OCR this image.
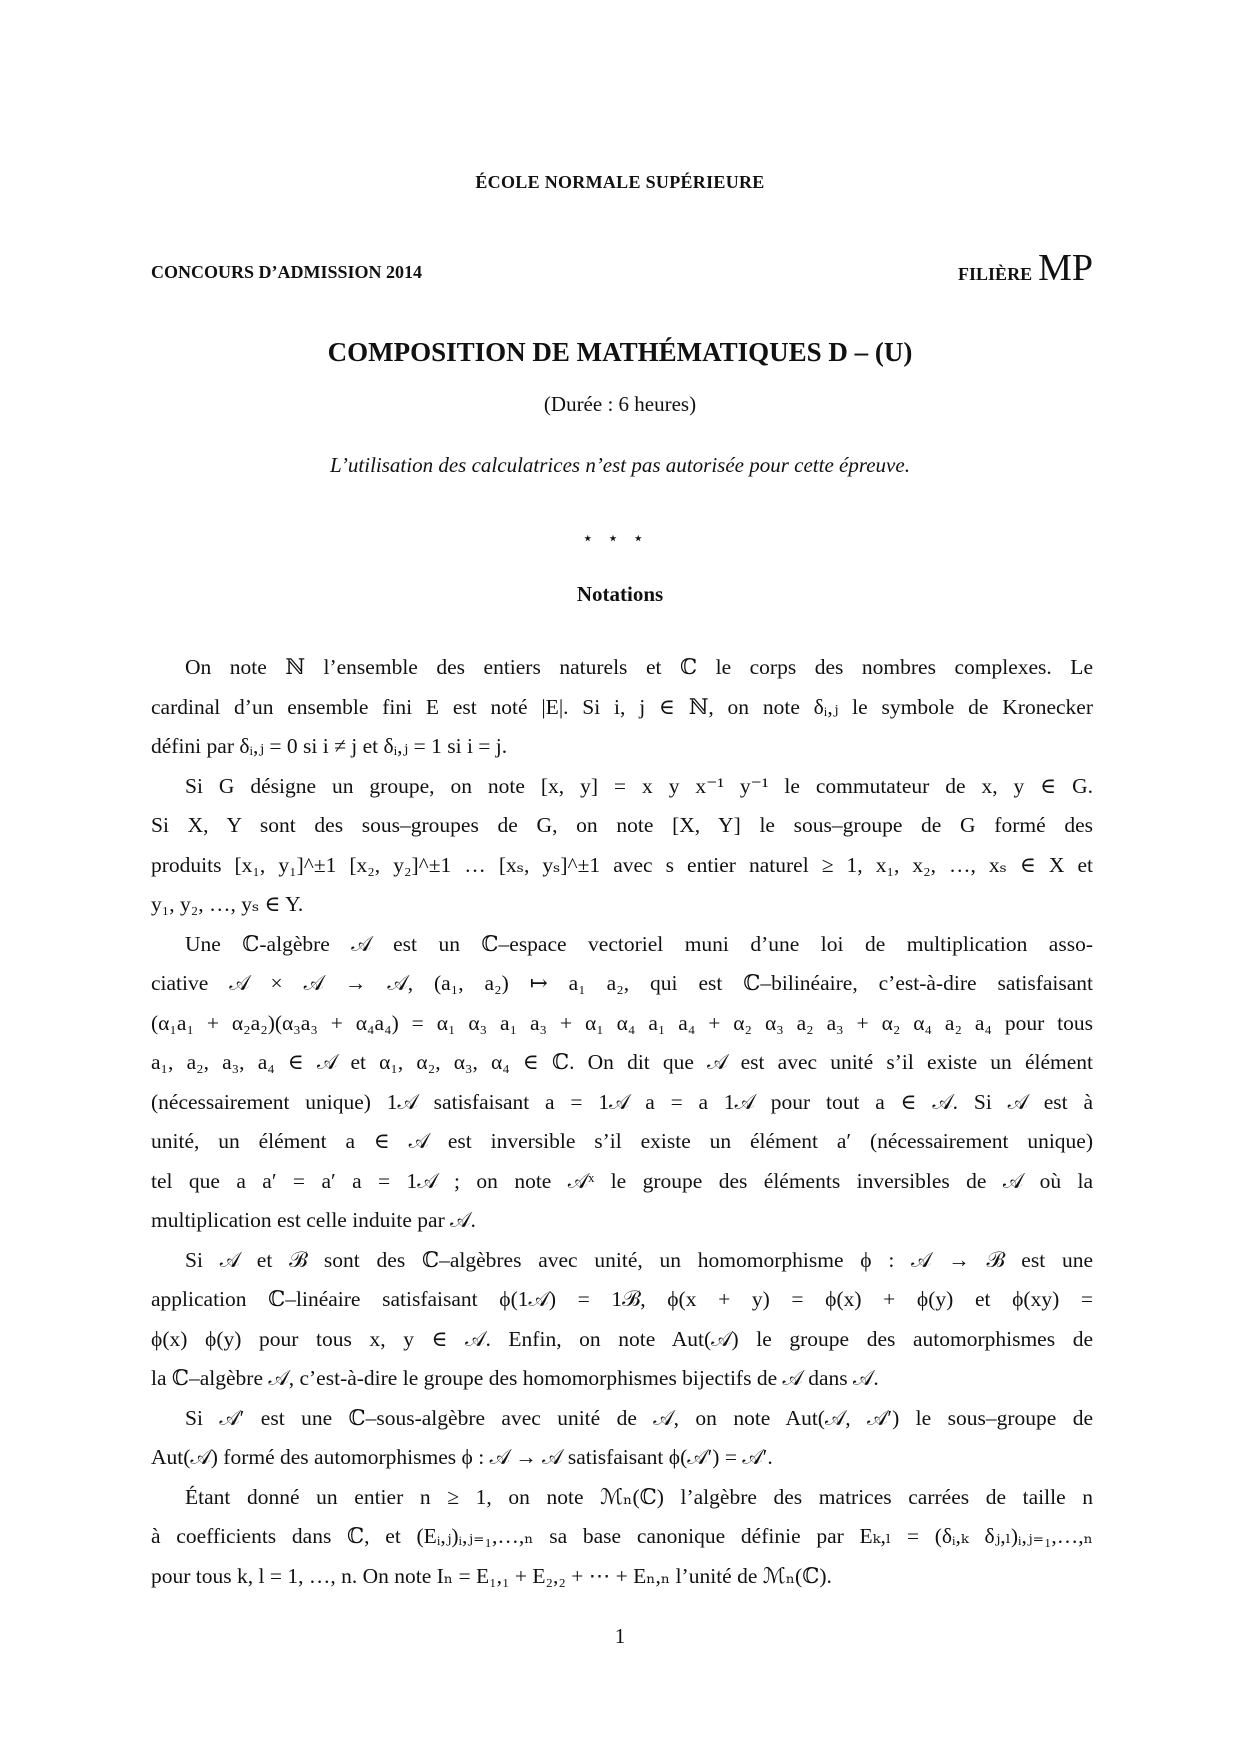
ÉCOLE NORMALE SUPÉRIEURE
CONCOURS D’ADMISSION 2014	FILIÈRE MP
COMPOSITION DE MATHÉMATIQUES D – (U)
(Durée : 6 heures)
L’utilisation des calculatrices n’est pas autorisée pour cette épreuve.
⋆⋆⋆
Notations
On note ℕ l’ensemble des entiers naturels et ℂ le corps des nombres complexes. Le
cardinal d’un ensemble fini E est noté |E|. Si i, j ∈ ℕ, on note δᵢ,ⱼ le symbole de Kronecker
défini par δᵢ,ⱼ = 0 si i ≠ j et δᵢ,ⱼ = 1 si i = j.
Si G désigne un groupe, on note [x, y] = x y x⁻¹ y⁻¹ le commutateur de x, y ∈ G.
Si X, Y sont des sous–groupes de G, on note [X, Y] le sous–groupe de G formé des
produits [x₁, y₁]^±1 [x₂, y₂]^±1 … [xₛ, yₛ]^±1 avec s entier naturel ≥ 1, x₁, x₂, …, xₛ ∈ X et
y₁, y₂, …, yₛ ∈ Y.
Une ℂ-algèbre 𝒜 est un ℂ–espace vectoriel muni d’une loi de multiplication asso-
ciative 𝒜 × 𝒜 → 𝒜, (a₁, a₂) ↦ a₁ a₂, qui est ℂ–bilinéaire, c’est-à-dire satisfaisant
(α₁a₁ + α₂a₂)(α₃a₃ + α₄a₄) = α₁ α₃ a₁ a₃ + α₁ α₄ a₁ a₄ + α₂ α₃ a₂ a₃ + α₂ α₄ a₂ a₄ pour tous
a₁, a₂, a₃, a₄ ∈ 𝒜 et α₁, α₂, α₃, α₄ ∈ ℂ. On dit que 𝒜 est avec unité s’il existe un élément
(nécessairement unique) 1𝒜 satisfaisant a = 1𝒜 a = a 1𝒜 pour tout a ∈ 𝒜. Si 𝒜 est à
unité, un élément a ∈ 𝒜 est inversible s’il existe un élément a′ (nécessairement unique)
tel que a a′ = a′ a = 1𝒜 ; on note 𝒜ˣ le groupe des éléments inversibles de 𝒜 où la
multiplication est celle induite par 𝒜.
Si 𝒜 et ℬ sont des ℂ–algèbres avec unité, un homomorphisme ϕ : 𝒜 → ℬ est une
application ℂ–linéaire satisfaisant ϕ(1𝒜) = 1ℬ, ϕ(x + y) = ϕ(x) + ϕ(y) et ϕ(xy) =
ϕ(x) ϕ(y) pour tous x, y ∈ 𝒜. Enfin, on note Aut(𝒜) le groupe des automorphismes de
la ℂ–algèbre 𝒜, c’est-à-dire le groupe des homomorphismes bijectifs de 𝒜 dans 𝒜.
Si 𝒜′ est une ℂ–sous-algèbre avec unité de 𝒜, on note Aut(𝒜, 𝒜′) le sous–groupe de
Aut(𝒜) formé des automorphismes ϕ : 𝒜 → 𝒜 satisfaisant ϕ(𝒜′) = 𝒜′.
Étant donné un entier n ≥ 1, on note ℳₙ(ℂ) l’algèbre des matrices carrées de taille n
à coefficients dans ℂ, et (Eᵢ,ⱼ)ᵢ,ⱼ₌₁,…,ₙ sa base canonique définie par Eₖ,ₗ = (δᵢ,ₖ δⱼ,ₗ)ᵢ,ⱼ₌₁,…,ₙ
pour tous k, l = 1, …, n. On note Iₙ = E₁,₁ + E₂,₂ + ⋯ + Eₙ,ₙ l’unité de ℳₙ(ℂ).
1
